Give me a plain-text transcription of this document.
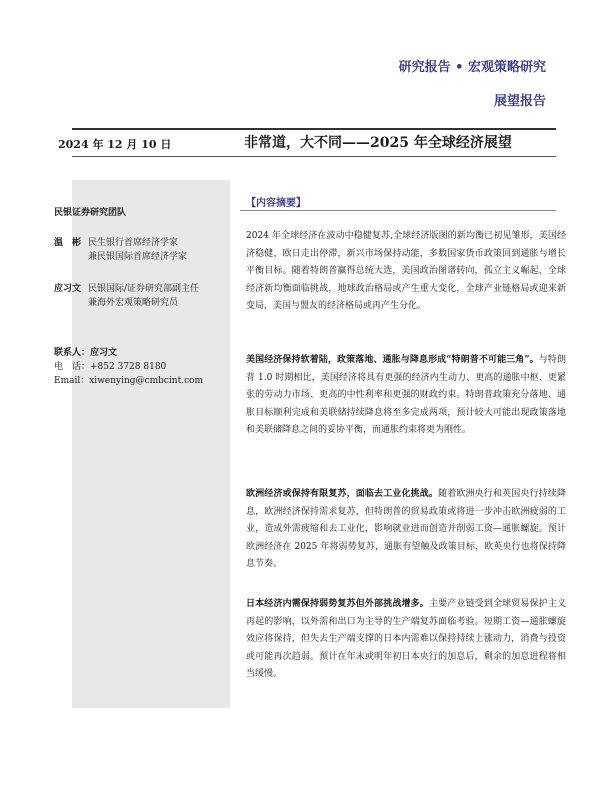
研究报告 • 宏观策略研究
展望报告
2024 年 12 月 10 日	非常道，大不同——2025 年全球经济展望
民银证券研究团队
温　彬 民生银行首席经济学家
兼民银国际首席经济学家
应习文 民银国际/证券研究部副主任
兼海外宏观策略研究员
联系人：应习文
电　话：+852 3728 8180
Email：xiwenying@cmbcint.com
【内容摘要】
2024 年全球经济在波动中稳健复苏,全球经济版图的新均衡已初见雏形，美国经济稳健，欧日走出停滞，新兴市场保持动能，多数国家货币政策回到通胀与增长平衡目标。随着特朗普赢得总统大选，美国政治图谱转向，孤立主义崛起，全球经济新均衡面临挑战，地球政治格局或产生重大变化，全球产业链格局或迎来新变局，美国与盟友的经济格局或再产生分化。
美国经济保持软着陆，政策落地、通胀与降息形成“特朗普不可能三角”。与特朗普 1.0 时期相比，美国经济将具有更强的经济内生动力、更高的通胀中枢、更紧张的劳动力市场、更高的中性利率和更强的财政约束。特朗普政策充分落地、通胀目标顺利完成和美联储持续降息将至多完成两项，预计较大可能出现政策落地和美联储降息之间的妥协平衡，而通胀约束将更为刚性。
欧洲经济或保持有限复苏，面临去工业化挑战。随着欧洲央行和英国央行持续降息，欧洲经济保持需求复苏，但特朗普的贸易政策或将进一步冲击欧洲疲弱的工业，造成外需疲缩和去工业化，影响就业进而创造并削弱工资—通胀螺旋。预计欧洲经济在 2025 年将弱势复苏，通胀有望触及政策目标，欧英央行也将保持降息节奏。
日本经济内需保持弱势复苏但外部挑战增多。主要产业链受到全球贸易保护主义再起的影响，以外需和出口为主导的生产端复苏面临考验。短期工资—通胀螺旋效应将保持，但失去生产端支撑的日本内需难以保持持续上涨动力，消费与投资或可能再次趋弱。预计在年末或明年初日本央行的加息后，剩余的加息进程将相当缓慢。
